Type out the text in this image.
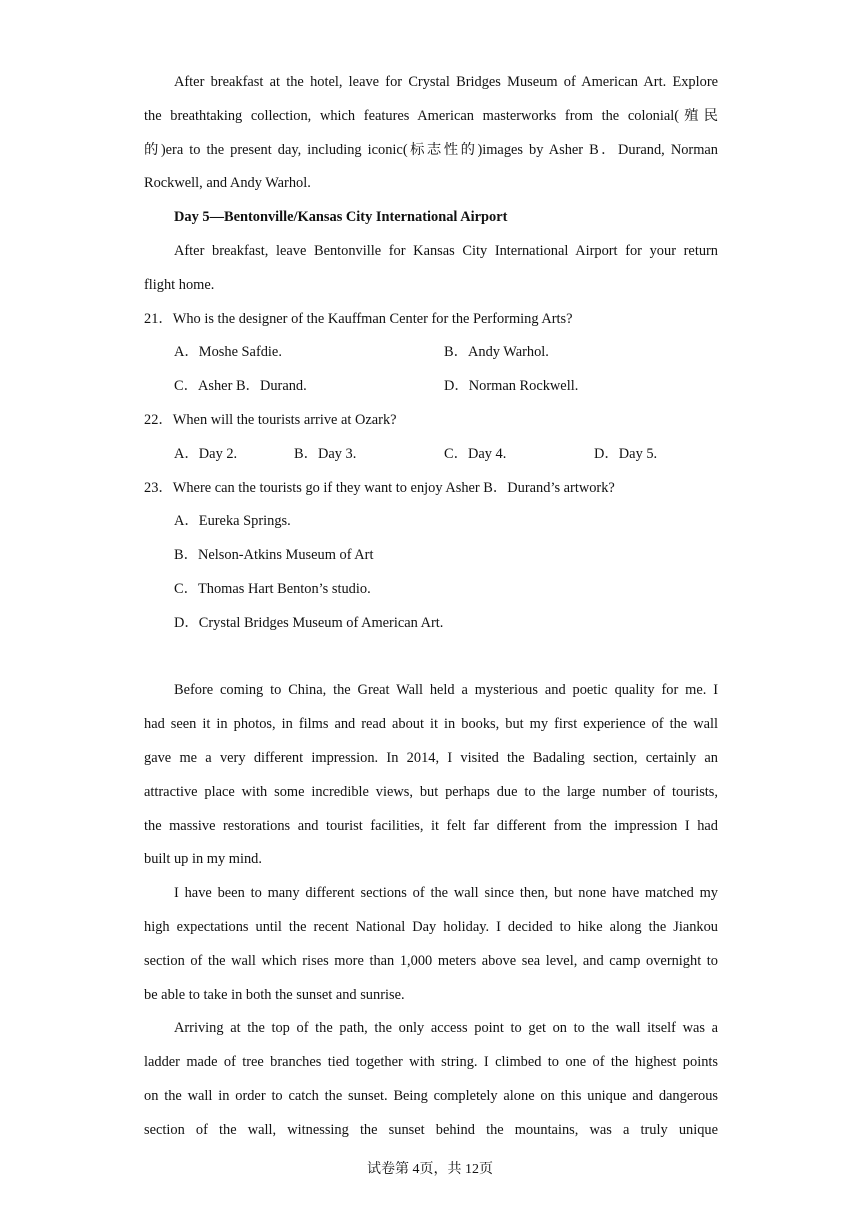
After breakfast at the hotel, leave for Crystal Bridges Museum of American Art. Explore
the breathtaking collection, which features American masterworks from the colonial(殖民
的)era to the present day, including iconic(标志性的)images by Asher B．Durand, Norman
Rockwell, and Andy Warhol.
Day 5—Bentonville/Kansas City International Airport
After breakfast, leave Bentonville for Kansas City International Airport for your return
flight home.
21．Who is the designer of the Kauffman Center for the Performing Arts?
A．Moshe Safdie.	B．Andy Warhol.
C．Asher B．Durand.	D．Norman Rockwell.
22．When will the tourists arrive at Ozark?
A．Day 2.	B．Day 3.	C．Day 4.	D．Day 5.
23．Where can the tourists go if they want to enjoy Asher B．Durand’s artwork?
A．Eureka Springs.
B．Nelson-Atkins Museum of Art
C．Thomas Hart Benton’s studio.
D．Crystal Bridges Museum of American Art.
Before coming to China, the Great Wall held a mysterious and poetic quality for me. I
had seen it in photos, in films and read about it in books, but my first experience of the wall
gave me a very different impression. In 2014, I visited the Badaling section, certainly an
attractive place with some incredible views, but perhaps due to the large number of tourists,
the massive restorations and tourist facilities, it felt far different from the impression I had
built up in my mind.
I have been to many different sections of the wall since then, but none have matched my
high expectations until the recent National Day holiday. I decided to hike along the Jiankou
section of the wall which rises more than 1,000 meters above sea level, and camp overnight to
be able to take in both the sunset and sunrise.
Arriving at the top of the path, the only access point to get on to the wall itself was a
ladder made of tree branches tied together with string. I climbed to one of the highest points
on the wall in order to catch the sunset. Being completely alone on this unique and dangerous
section of the wall, witnessing the sunset behind the mountains, was a truly unique
试卷第 4页，共 12页
